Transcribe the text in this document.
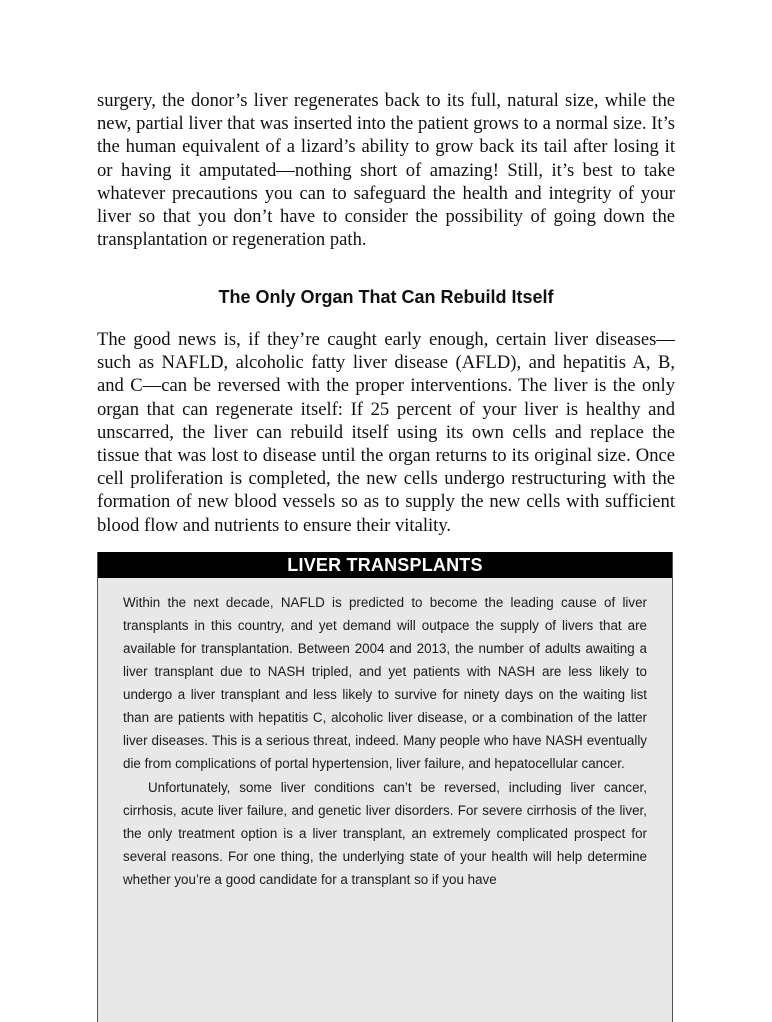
surgery, the donor’s liver regenerates back to its full, natural size, while the new, partial liver that was inserted into the patient grows to a normal size. It’s the human equivalent of a lizard’s ability to grow back its tail after losing it or having it amputated—nothing short of amazing! Still, it’s best to take whatever precautions you can to safeguard the health and integrity of your liver so that you don’t have to consider the possibility of going down the transplantation or regeneration path.

The Only Organ That Can Rebuild Itself

The good news is, if they’re caught early enough, certain liver diseases—such as NAFLD, alcoholic fatty liver disease (AFLD), and hepatitis A, B, and C—can be reversed with the proper interventions. The liver is the only organ that can regenerate itself: If 25 percent of your liver is healthy and unscarred, the liver can rebuild itself using its own cells and replace the tissue that was lost to disease until the organ returns to its original size. Once cell proliferation is completed, the new cells undergo restructuring with the formation of new blood vessels so as to supply the new cells with sufficient blood flow and nutrients to ensure their vitality.

LIVER TRANSPLANTS

Within the next decade, NAFLD is predicted to become the leading cause of liver transplants in this country, and yet demand will outpace the supply of livers that are available for transplantation. Between 2004 and 2013, the number of adults awaiting a liver transplant due to NASH tripled, and yet patients with NASH are less likely to undergo a liver transplant and less likely to survive for ninety days on the waiting list than are patients with hepatitis C, alcoholic liver disease, or a combination of the latter liver diseases. This is a serious threat, indeed. Many people who have NASH eventually die from complications of portal hypertension, liver failure, and hepatocellular cancer.

Unfortunately, some liver conditions can’t be reversed, including liver cancer, cirrhosis, acute liver failure, and genetic liver disorders. For severe cirrhosis of the liver, the only treatment option is a liver transplant, an extremely complicated prospect for several reasons. For one thing, the underlying state of your health will help determine whether you’re a good candidate for a transplant so if you have
